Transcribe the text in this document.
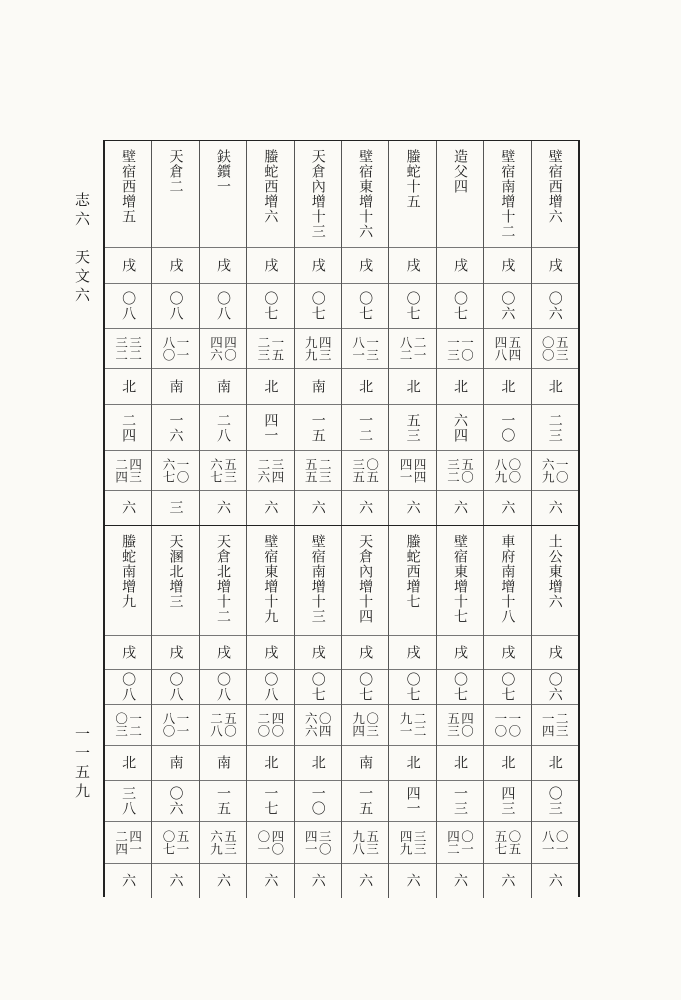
志六　天文六
一一五九
壁宿西增六
戌
〇六
五三
〇〇
北
二三
一〇
六九
六
壁宿南增十二
戌
〇六
五四
四八
北
一〇
〇〇
八九
六
造父四
戌
〇七
一〇
一三
北
六四
五〇
三二
六
螣蛇十五
戌
〇七
二一
八二
北
五三
四四
四一
六
壁宿東增十六
戌
〇七
一三
八一
北
一二
〇五
三五
六
天倉內增十三
戌
〇七
四三
九九
南
一五
二三
五五
六
螣蛇西增六
戌
〇七
一五
二三
北
四一
三四
二六
六
鈇鑕一
戌
〇八
四〇
四六
南
二八
五三
六七
六
天倉二
戌
〇八
一一
八〇
南
一六
一〇
六七
三
壁宿西增五
戌
〇八
三二
三二
北
二四
四三
二四
六
土公東增六
戌
〇六
二三
一四
北
〇三
〇一
八一
六
車府南增十八
戌
〇七
一〇
一〇
北
四三
〇五
五七
六
壁宿東增十七
戌
〇七
四〇
五三
北
一三
〇一
四二
六
螣蛇西增七
戌
〇七
二二
九一
北
四一
三三
四九
六
天倉內增十四
戌
〇七
〇三
九四
南
一五
五三
九八
六
壁宿南增十三
戌
〇七
〇四
六六
北
一〇
三〇
四一
六
壁宿東增十九
戌
〇八
四〇
二〇
北
一七
四〇
〇一
六
天倉北增十二
戌
〇八
五〇
二八
南
一五
五三
六九
六
天溷北增三
戌
〇八
一一
八〇
南
〇六
五一
〇七
六
螣蛇南增九
戌
〇八
一二
〇三
北
三八
四一
二四
六
